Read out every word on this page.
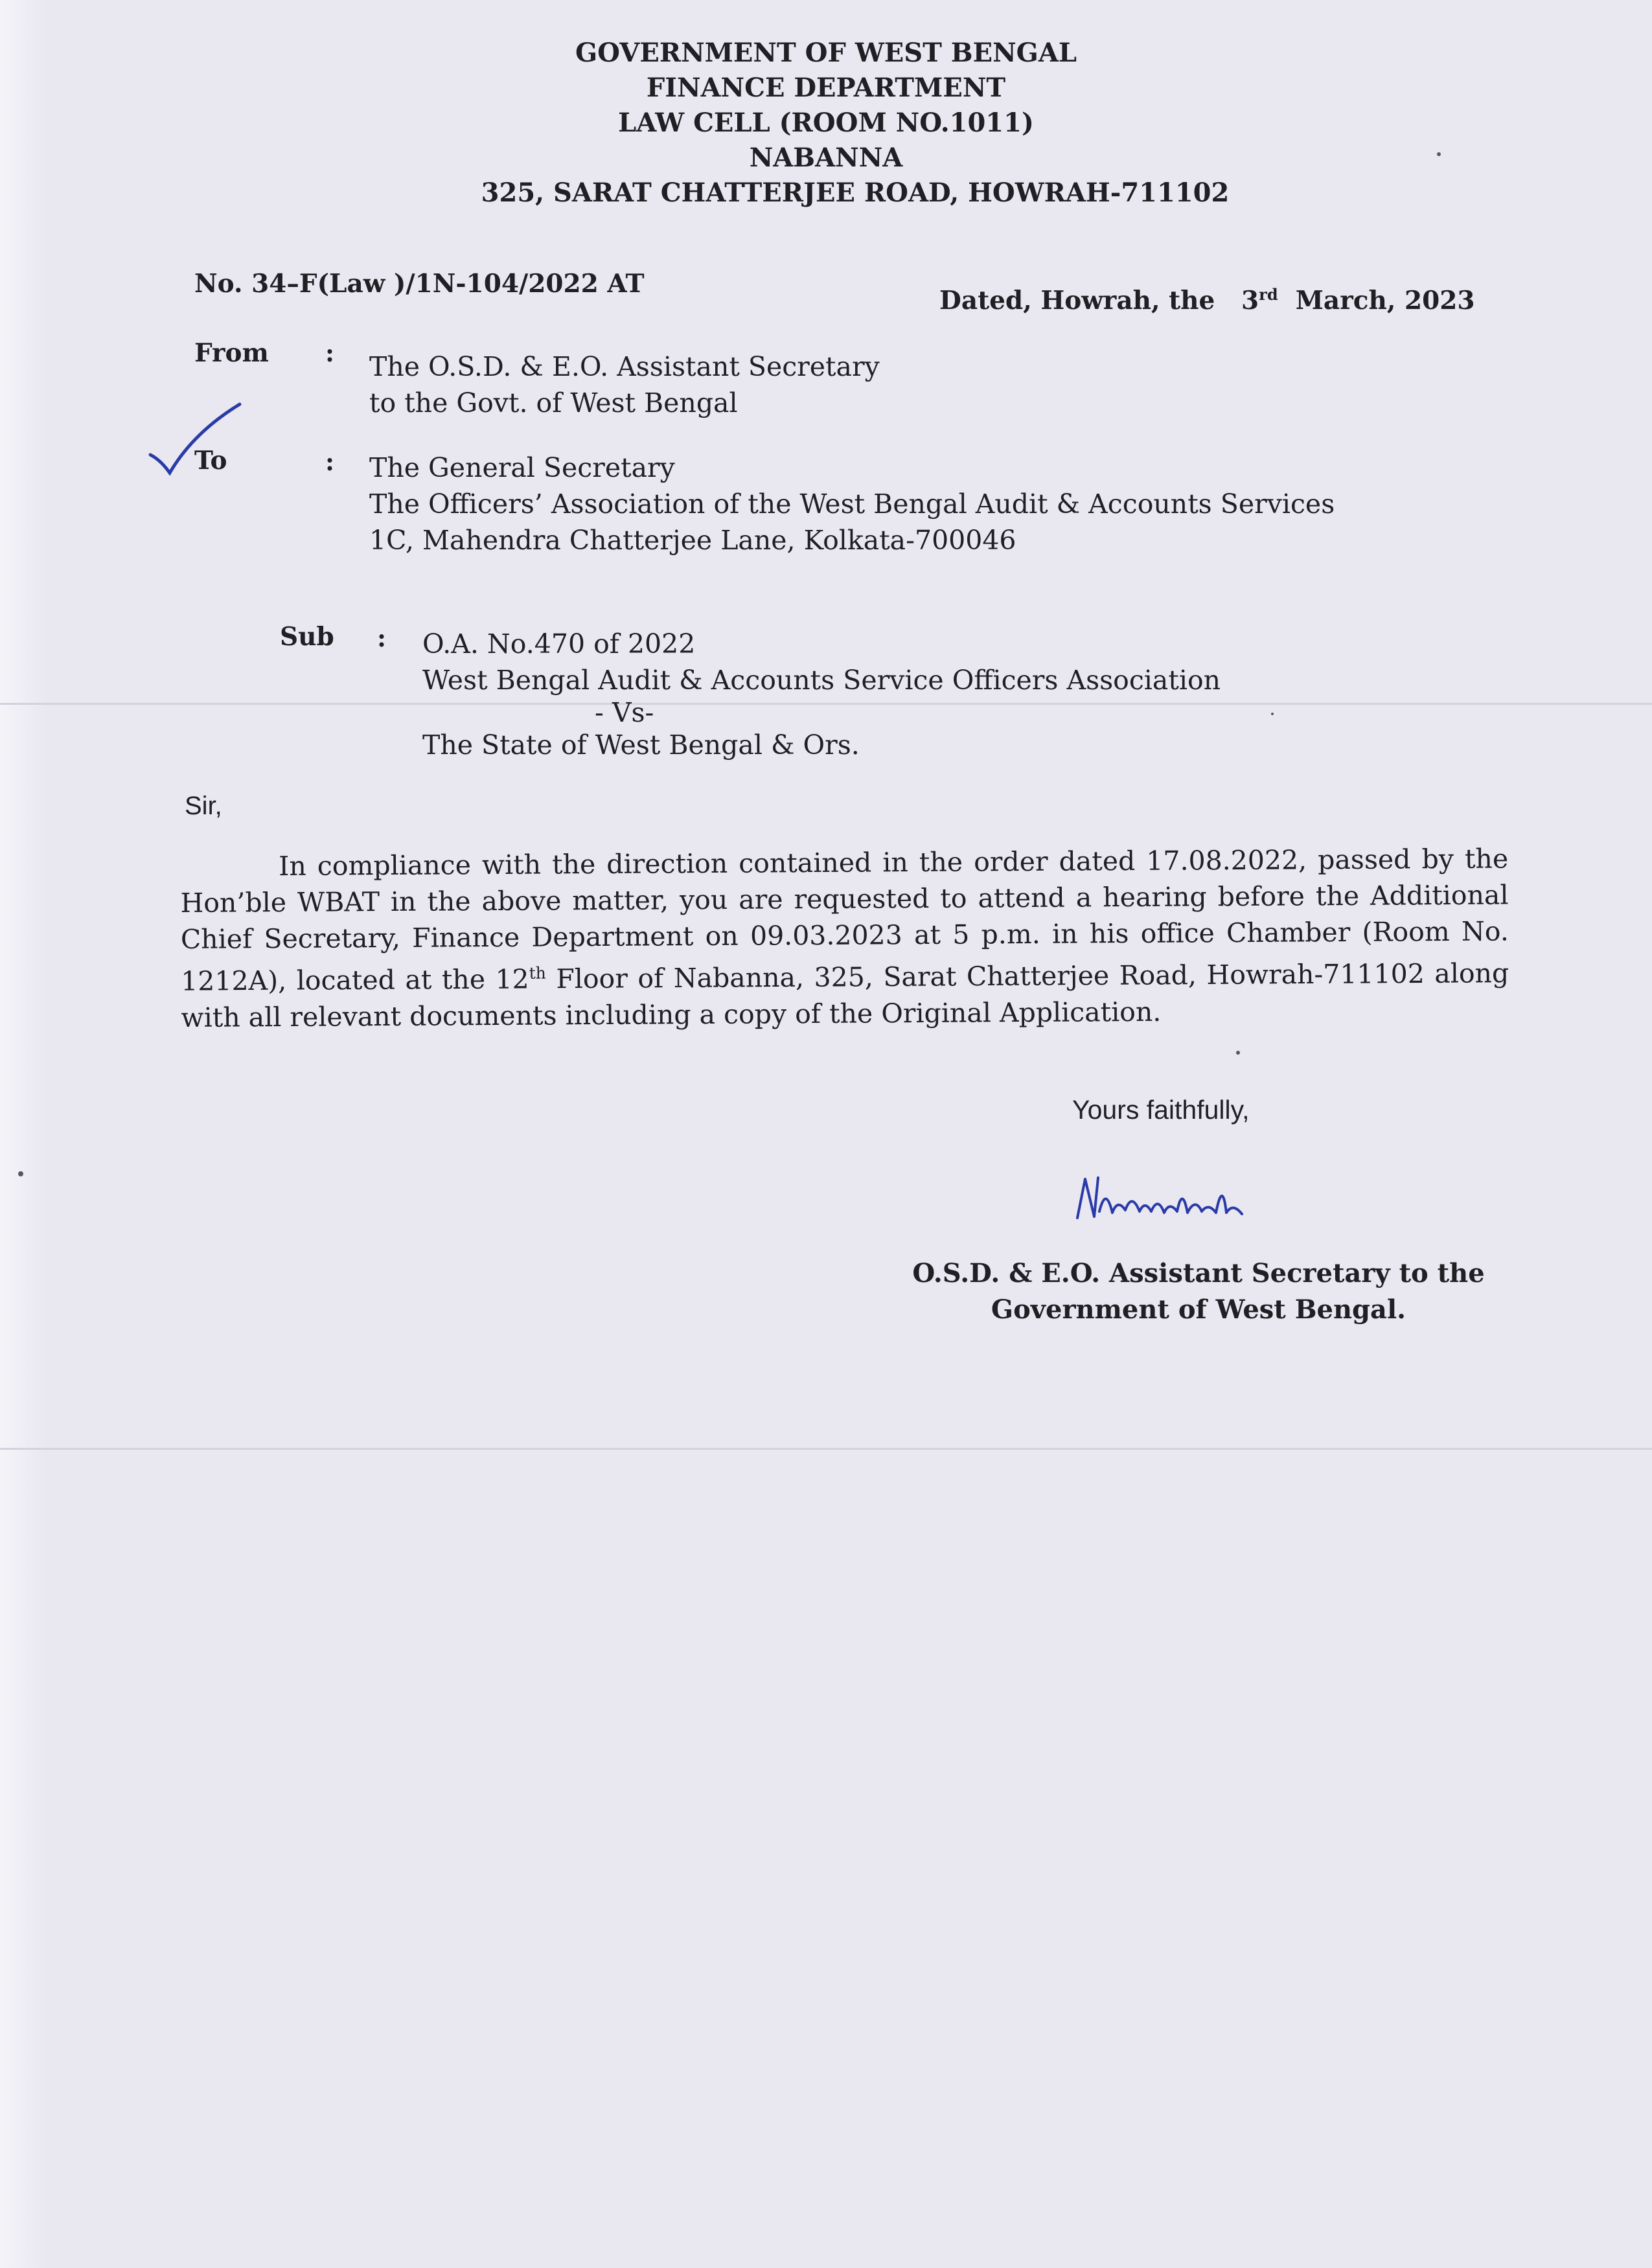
GOVERNMENT OF WEST BENGAL
FINANCE DEPARTMENT
LAW CELL (ROOM NO.1011)
NABANNA
325, SARAT CHATTERJEE ROAD, HOWRAH-711102
No. 34–F(Law )/1N-104/2022 AT
Dated, Howrah, the 3rd March, 2023
From : The O.S.D. & E.O. Assistant Secretary
to the Govt. of West Bengal
To	: The General Secretary
The Officers’ Association of the West Bengal Audit & Accounts Services
1C, Mahendra Chatterjee Lane, Kolkata-700046
Sub : O.A. No.470 of 2022
West Bengal Audit & Accounts Service Officers Association
- Vs-
The State of West Bengal & Ors.
Sir,
In compliance with the direction contained in the order dated 17.08.2022, passed by the Hon’ble WBAT in the above matter, you are requested to attend a hearing before the Additional Chief Secretary, Finance Department on 09.03.2023 at 5 p.m. in his office Chamber (Room No. 1212A), located at the 12th Floor of Nabanna, 325, Sarat Chatterjee Road, Howrah-711102 along with all relevant documents including a copy of the Original Application.
Yours faithfully,
O.S.D. & E.O. Assistant Secretary to the
Government of West Bengal.
